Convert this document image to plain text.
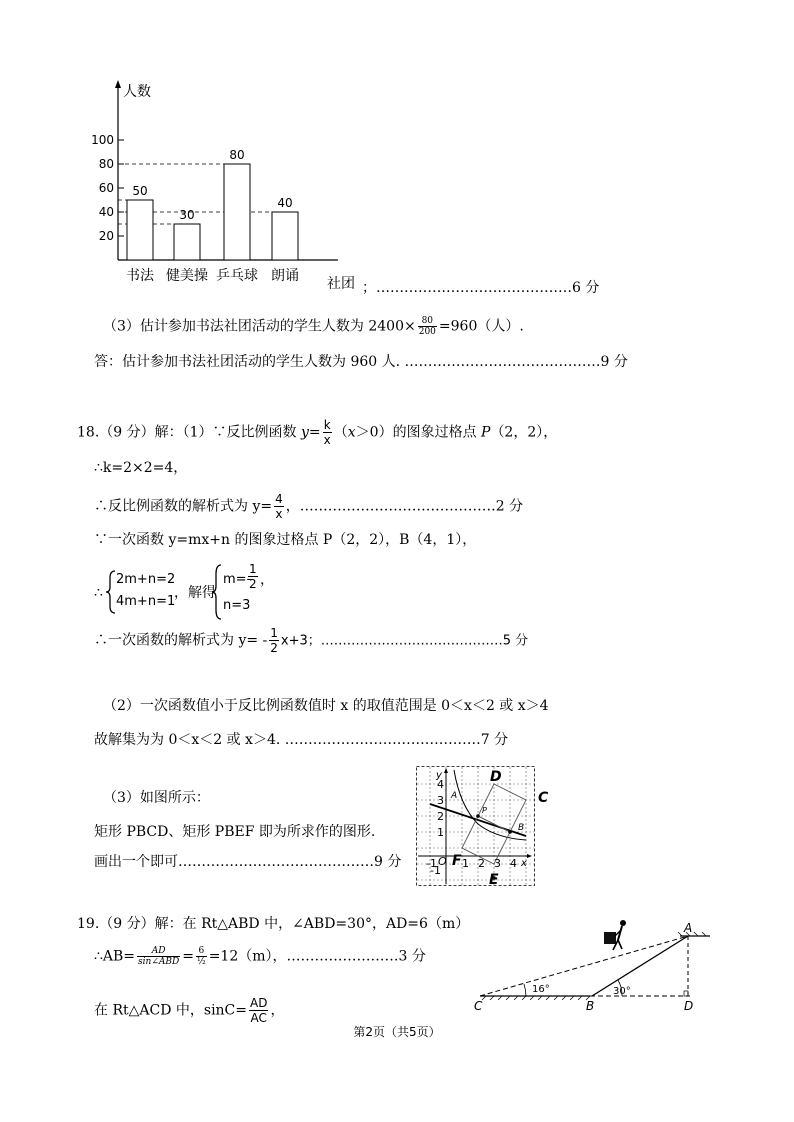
人数
社团
20
40
60
80
100
50
书法
30
健美操
80
乒乓球
40
朗诵
；……………………………………6 分
（3）估计参加书法社团活动的学生人数为 $2400\times \frac{80}{200} =960$（人）.
答：估计参加书法社团活动的学生人数为 960 人. ……………………………………9 分
18.（9 分）解：（1）∵反比例函数 $y= \frac{k}{x} (x>0)$的图象过格点 P（2，2），
∴k=2×2=4，
∴反比例函数的解析式为 $y= \frac{4}{x}$ ，……………………………………2 分
∵一次函数 y=mx+n 的图象过格点 P（2，2），B（4，1），
∴
2m+n=2
4m+n=1
，解得
m=-
$\frac{1}{2}$ ，
n=3
∴一次函数的解析式为 $y= - \frac{1}{2} x+3$；……………………………………5 分
（2）一次函数值小于反比例函数值时 x 的取值范围是 0＜x＜2 或 x＞4
故解集为为 0＜x＜2 或 x＞4. ……………………………………7 分
（3）如图所示：
矩形 PBCD、矩形 PBEF 即为所求作的图形.
画出一个即可……………………………………9 分
y
x
D
C
E
F
A
B
P
O
-1 1 2 3 4
4
3
2
1
-1
19.（9 分）解：在 Rt△ABD 中，∠ABD=30°，AD=6（m）
∴AB= $\frac{AD}{\text{sin∠ABD}} = \frac{6}{\text{½}} =12(m)$，……………………3 分
在 Rt△ACD 中，$\sin C= \frac{AD}{AC}$ ，	C	B	D
A
16°	30°
第2页（共5页）
